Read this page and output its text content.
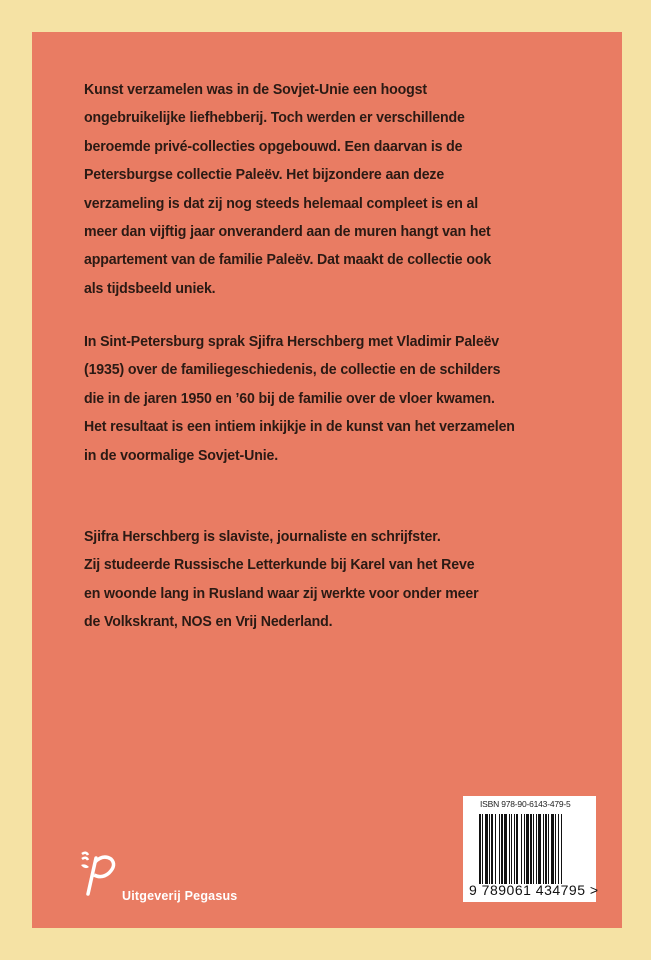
Kunst verzamelen was in de Sovjet-Unie een hoogst
ongebruikelijke liefhebberij. Toch werden er verschillende
beroemde privé-collecties opgebouwd. Een daarvan is de
Petersburgse collectie Paleëv. Het bijzondere aan deze
verzameling is dat zij nog steeds helemaal compleet is en al
meer dan vijftig jaar onveranderd aan de muren hangt van het
appartement van de familie Paleëv. Dat maakt de collectie ook
als tijdsbeeld uniek.
In Sint-Petersburg sprak Sjifra Herschberg met Vladimir Paleëv
(1935) over de familiegeschiedenis, de collectie en de schilders
die in de jaren 1950 en ’60 bij de familie over de vloer kwamen.
Het resultaat is een intiem inkijkje in de kunst van het verzamelen
in de voormalige Sovjet-Unie.
Sjifra Herschberg is slaviste, journaliste en schrijfster.
Zij studeerde Russische Letterkunde bij Karel van het Reve
en woonde lang in Rusland waar zij werkte voor onder meer
de Volkskrant, NOS en Vrij Nederland.
ISBN 978-90-6143-479-5
9 789061 434795 >
Uitgeverij Pegasus
